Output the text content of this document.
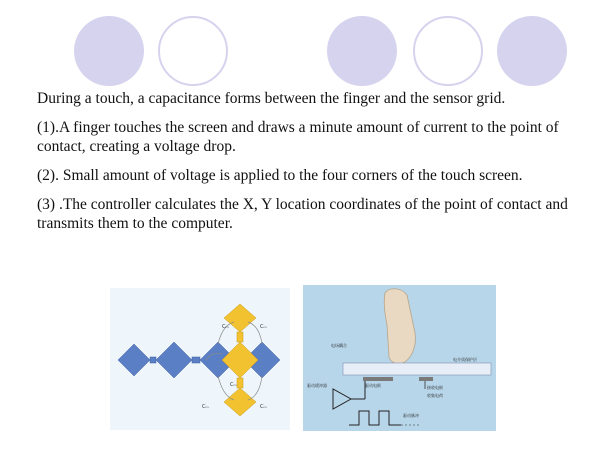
During a touch, a capacitance forms between the finger and the sensor grid.

(1).A finger touches the screen and draws a minute amount of current to the point of contact, creating a voltage drop.

(2). Small amount of voltage is applied to the four corners of the touch screen.

(3) .The controller calculates the X, Y location coordinates of the point of contact and transmits them to the computer.

Cₘ	Cₘ
Cₘ
Cₘ	Cₘ
电场耦合
电介质保护层
驱动缓冲器	驱动电极	接收电极
收集电荷
驱动脉冲
